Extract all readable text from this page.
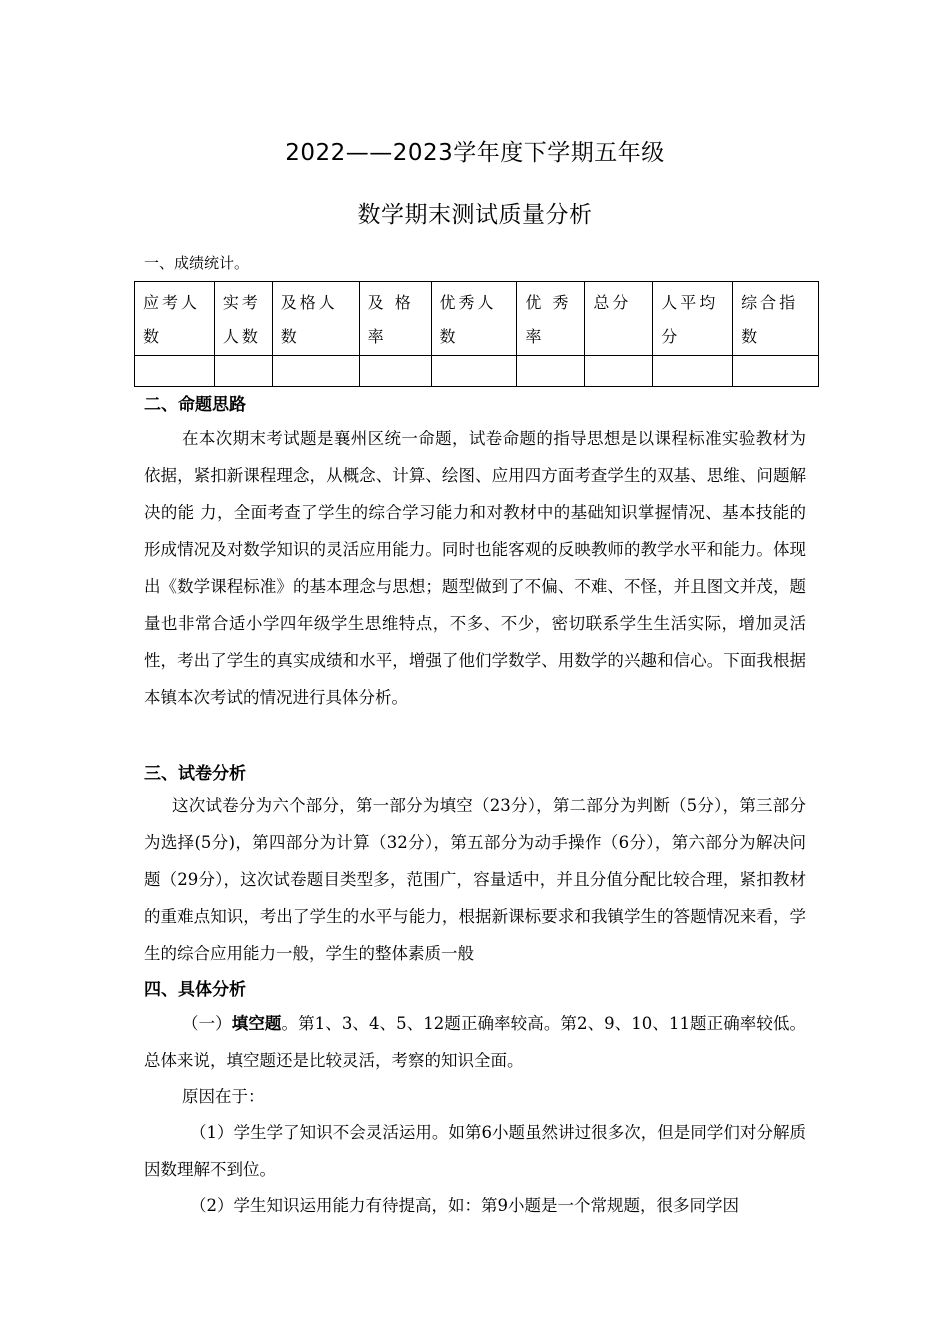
2022——2023学年度下学期五年级
数学期末测试质量分析
一、成绩统计。
应考人数	实考人数	及格人数	及 格率	优秀人数	优 秀率	总分	人平均分	综合指数

二、命题思路
在本次期末考试题是襄州区统一命题，试卷命题的指导思想是以课程标准实验教材为依据，紧扣新课程理念，从概念、计算、绘图、应用四方面考查学生的双基、思维、问题解决的能 力，全面考查了学生的综合学习能力和对教材中的基础知识掌握情况、基本技能的形成情况及对数学知识的灵活应用能力。同时也能客观的反映教师的教学水平和能力。体现出《数学课程标准》的基本理念与思想；题型做到了不偏、不难、不怪，并且图文并茂，题量也非常合适小学四年级学生思维特点，不多、不少，密切联系学生生活实际，增加灵活性，考出了学生的真实成绩和水平，增强了他们学数学、用数学的兴趣和信心。下面我根据本镇本次考试的情况进行具体分析。
三、试卷分析
这次试卷分为六个部分，第一部分为填空（23分），第二部分为判断（5分），第三部分为选择(5分)，第四部分为计算（32分），第五部分为动手操作（6分），第六部分为解决问题（29分），这次试卷题目类型多，范围广，容量适中，并且分值分配比较合理，紧扣教材的重难点知识，考出了学生的水平与能力，根据新课标要求和我镇学生的答题情况来看，学生的综合应用能力一般，学生的整体素质一般
四、具体分析
（一）填空题。第1、3、4、5、12题正确率较高。第2、9、10、11题正确率较低。总体来说，填空题还是比较灵活，考察的知识全面。
原因在于：
（1）学生学了知识不会灵活运用。如第6小题虽然讲过很多次，但是同学们对分解质因数理解不到位。
（2）学生知识运用能力有待提高，如：第9小题是一个常规题，很多同学因
